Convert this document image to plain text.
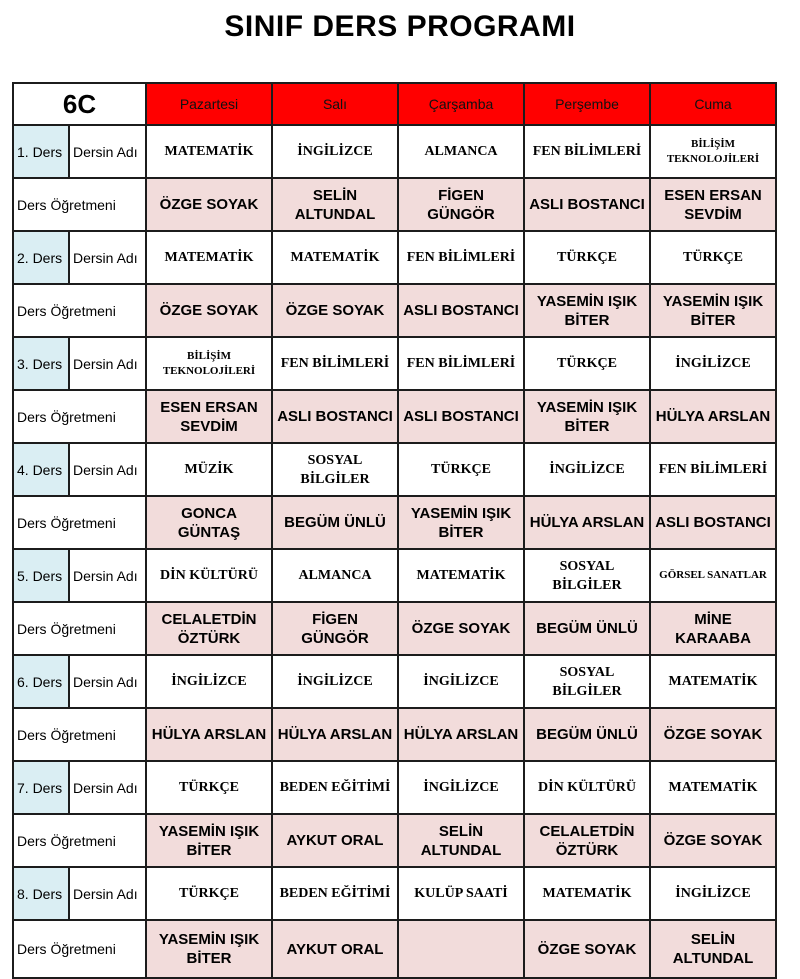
SINIF DERS PROGRAMI
6C		Pazartesi	Salı	Çarşamba	Perşembe	Cuma
1. Ders	Dersin Adı	MATEMATİK	İNGİLİZCE	ALMANCA	FEN BİLİMLERİ	BİLİŞİM TEKNOLOJİLERİ
Ders Öğretmeni		ÖZGE SOYAK	SELİN ALTUNDAL	FİGEN GÜNGÖR	ASLI BOSTANCI	ESEN ERSAN SEVDİM
2. Ders	Dersin Adı	MATEMATİK	MATEMATİK	FEN BİLİMLERİ	TÜRKÇE	TÜRKÇE
Ders Öğretmeni		ÖZGE SOYAK	ÖZGE SOYAK	ASLI BOSTANCI	YASEMİN IŞIK BİTER	YASEMİN IŞIK BİTER
3. Ders	Dersin Adı	BİLİŞİM TEKNOLOJİLERİ	FEN BİLİMLERİ	FEN BİLİMLERİ	TÜRKÇE	İNGİLİZCE
Ders Öğretmeni		ESEN ERSAN SEVDİM	ASLI BOSTANCI	ASLI BOSTANCI	YASEMİN IŞIK BİTER	HÜLYA ARSLAN
4. Ders	Dersin Adı	MÜZİK	SOSYAL BİLGİLER	TÜRKÇE	İNGİLİZCE	FEN BİLİMLERİ
Ders Öğretmeni		GONCA GÜNTAŞ	BEGÜM ÜNLÜ	YASEMİN IŞIK BİTER	HÜLYA ARSLAN	ASLI BOSTANCI
5. Ders	Dersin Adı	DİN KÜLTÜRÜ	ALMANCA	MATEMATİK	SOSYAL BİLGİLER	GÖRSEL SANATLAR
Ders Öğretmeni		CELALETDİN ÖZTÜRK	FİGEN GÜNGÖR	ÖZGE SOYAK	BEGÜM ÜNLÜ	MİNE KARAABA
6. Ders	Dersin Adı	İNGİLİZCE	İNGİLİZCE	İNGİLİZCE	SOSYAL BİLGİLER	MATEMATİK
Ders Öğretmeni		HÜLYA ARSLAN	HÜLYA ARSLAN	HÜLYA ARSLAN	BEGÜM ÜNLÜ	ÖZGE SOYAK
7. Ders	Dersin Adı	TÜRKÇE	BEDEN EĞİTİMİ	İNGİLİZCE	DİN KÜLTÜRÜ	MATEMATİK
Ders Öğretmeni		YASEMİN IŞIK BİTER	AYKUT ORAL	SELİN ALTUNDAL	CELALETDİN ÖZTÜRK	ÖZGE SOYAK
8. Ders	Dersin Adı	TÜRKÇE	BEDEN EĞİTİMİ	KULÜP SAATİ	MATEMATİK	İNGİLİZCE
Ders Öğretmeni		YASEMİN IŞIK BİTER	AYKUT ORAL		ÖZGE SOYAK	SELİN ALTUNDAL
